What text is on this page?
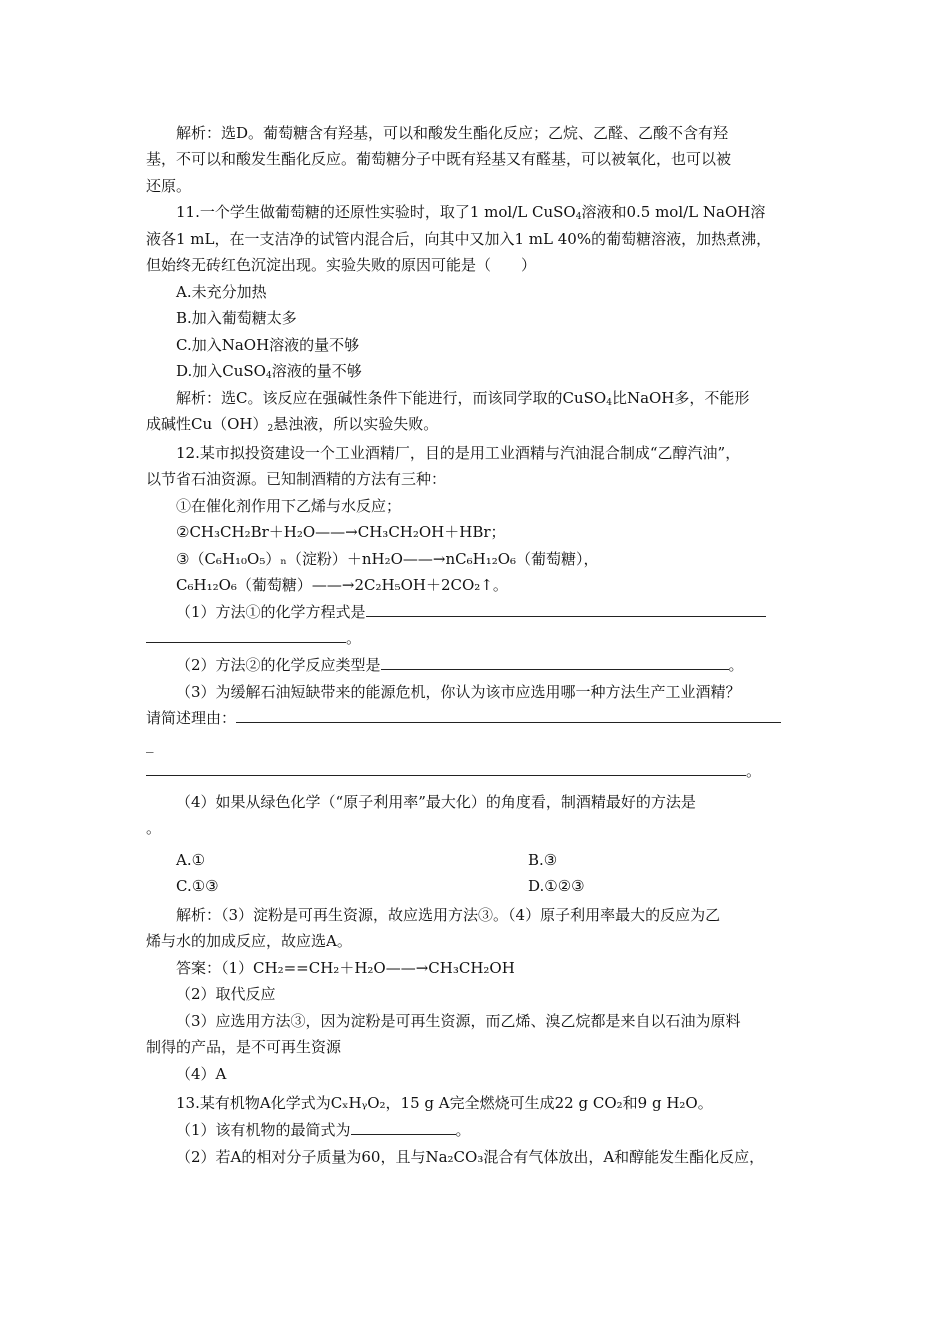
解析：选D。葡萄糖含有羟基，可以和酸发生酯化反应；乙烷、乙醛、乙酸不含有羟
基，不可以和酸发生酯化反应。葡萄糖分子中既有羟基又有醛基，可以被氧化，也可以被
还原。
11.一个学生做葡萄糖的还原性实验时，取了1 mol/L CuSO$_4$溶液和0.5 mol/L NaOH溶
液各1 mL，在一支洁净的试管内混合后，向其中又加入1 mL 40%的葡萄糖溶液，加热煮沸，
但始终无砖红色沉淀出现。实验失败的原因可能是（　　）
A.未充分加热
B.加入葡萄糖太多
C.加入NaOH溶液的量不够
D.加入CuSO$_4$溶液的量不够
解析：选C。该反应在强碱性条件下能进行，而该同学取的CuSO$_4$比NaOH多，不能形
成碱性$Cu(OH)_2$悬浊液，所以实验失败。
12.某市拟投资建设一个工业酒精厂，目的是用工业酒精与汽油混合制成“乙醇汽油”，
以节省石油资源。已知制酒精的方法有三种：
①在催化剂作用下乙烯与水反应；
②CH₃CH₂Br＋H₂O——→CH₃CH₂OH＋HBr；
③（C₆H₁₀O₅）ₙ（淀粉）＋nH₂O——→nC₆H₁₂O₆（葡萄糖），
C₆H₁₂O₆（葡萄糖）——→2C₂H₅OH＋2CO₂↑。
（1）方法①的化学方程式是
。
（2）方法②的化学反应类型是	。
（3）为缓解石油短缺带来的能源危机，你认为该市应选用哪一种方法生产工业酒精？
请简述理由：
_
。
（4）如果从绿色化学（“原子利用率”最大化）的角度看，制酒精最好的方法是
。
A.①	B.③
C.①③	D.①②③
解析：（3）淀粉是可再生资源，故应选用方法③。（4）原子利用率最大的反应为乙
烯与水的加成反应，故应选A。
答案：（1）CH₂==CH₂＋H₂O——→CH₃CH₂OH
（2）取代反应
（3）应选用方法③，因为淀粉是可再生资源，而乙烯、溴乙烷都是来自以石油为原料
制得的产品，是不可再生资源
（4）A
13.某有机物A化学式为CₓHᵧO₂，15 g A完全燃烧可生成22 g CO₂和9 g H₂O。
（1）该有机物的最简式为	。
（2）若A的相对分子质量为60，且与Na₂CO₃混合有气体放出，A和醇能发生酯化反应，
